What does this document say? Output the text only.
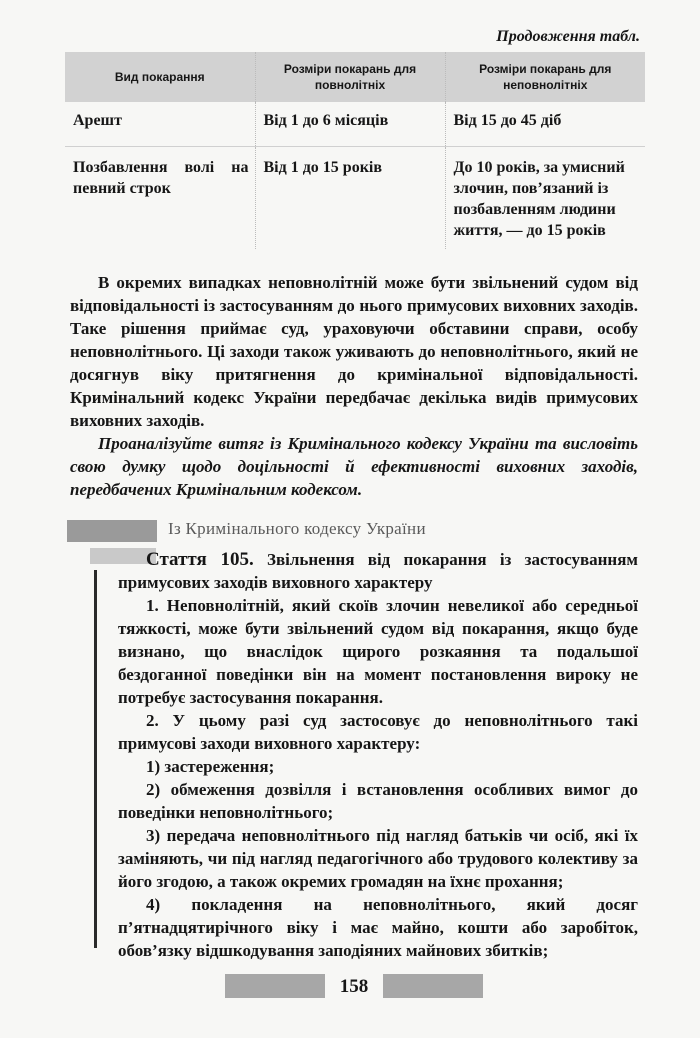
Продовження табл.
Вид покарання	Розміри покарань для повнолітніх	Розміри покарань для неповнолітніх
Арешт	Від 1 до 6 місяців	Від 15 до 45 діб
Позбавлення волі на певний строк	Від 1 до 15 років	До 10 років, за умисний злочин, пов’язаний із позбавленням людини життя, — до 15 років

В окремих випадках неповнолітній може бути звільнений судом від відповідальності із застосуванням до нього примусових виховних заходів. Таке рішення приймає суд, ураховуючи обставини справи, особу неповнолітнього. Ці заходи також уживають до неповнолітнього, який не досягнув віку притягнення до кримінальної відповідальності. Кримінальний кодекс України передбачає декілька видів примусових виховних заходів.

Проаналізуйте витяг із Кримінального кодексу України та висловіть свою думку щодо доцільності й ефективності виховних заходів, передбачених Кримінальним кодексом.

Із Кримінального кодексу України

Стаття 105. Звільнення від покарання із застосуванням примусових заходів виховного характеру

1. Неповнолітній, який скоїв злочин невеликої або середньої тяжкості, може бути звільнений судом від покарання, якщо буде визнано, що внаслідок щирого розкаяння та подальшої бездоганної поведінки він на момент постановлення вироку не потребує застосування покарання.

2. У цьому разі суд застосовує до неповнолітнього такі примусові заходи виховного характеру:

1) застереження;

2) обмеження дозвілля і встановлення особливих вимог до поведінки неповнолітнього;

3) передача неповнолітнього під нагляд батьків чи осіб, які їх заміняють, чи під нагляд педагогічного або трудового колективу за його згодою, а також окремих громадян на їхнє прохання;

4) покладення на неповнолітнього, який досяг п’ятнадцятирічного віку і має майно, кошти або заробіток, обов’язку відшкодування заподіяних майнових збитків;

158
